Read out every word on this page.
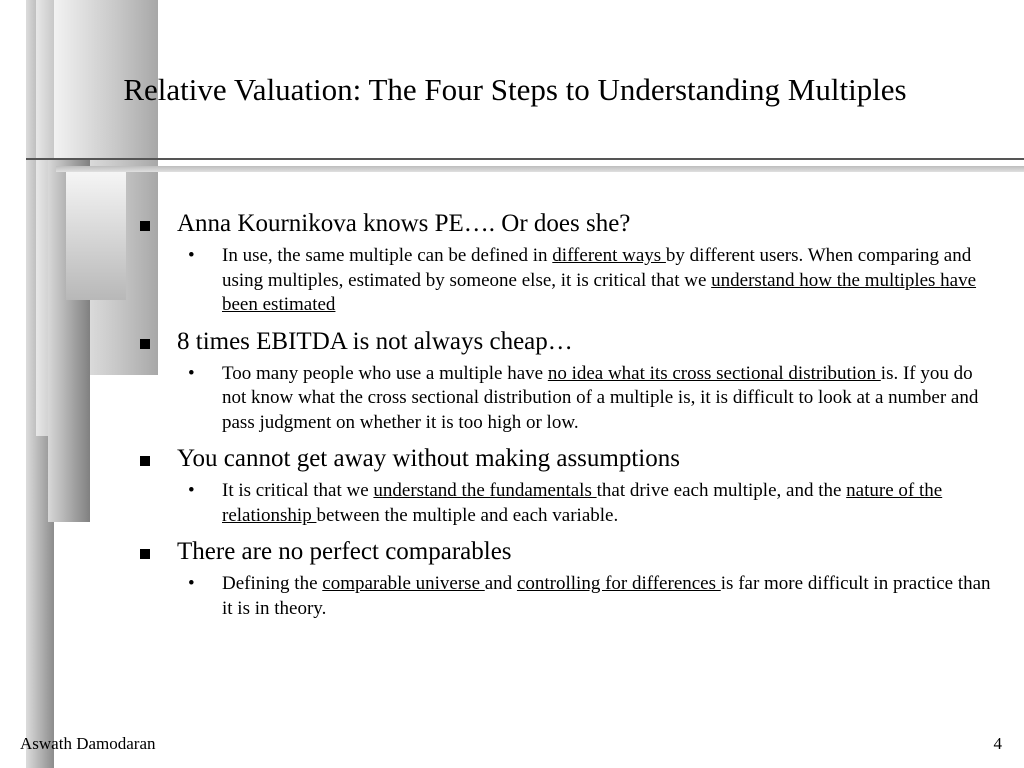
Relative Valuation: The Four Steps to Understanding Multiples
Anna Kournikova knows PE…. Or does she?
• In use, the same multiple can be defined in different ways by different users. When comparing and using multiples, estimated by someone else, it is critical that we understand how the multiples have been estimated
8 times EBITDA is not always cheap…
• Too many people who use a multiple have no idea what its cross sectional distribution is. If you do not know what the cross sectional distribution of a multiple is, it is difficult to look at a number and pass judgment on whether it is too high or low.
You cannot get away without making assumptions
• It is critical that we understand the fundamentals that drive each multiple, and the nature of the relationship between the multiple and each variable.
There are no perfect comparables
• Defining the comparable universe and controlling for differences is far more difficult in practice than it is in theory.
Aswath Damodaran	4
